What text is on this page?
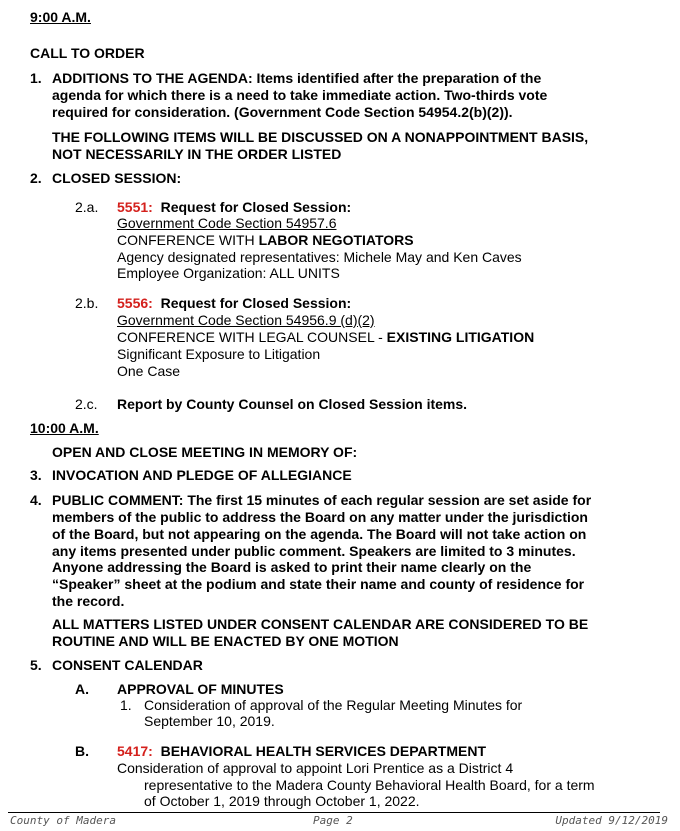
9:00 A.M.
CALL TO ORDER
1. ADDITIONS TO THE AGENDA: Items identified after the preparation of the
agenda for which there is a need to take immediate action. Two-thirds vote
required for consideration. (Government Code Section 54954.2(b)(2)).
THE FOLLOWING ITEMS WILL BE DISCUSSED ON A NONAPPOINTMENT BASIS,
NOT NECESSARILY IN THE ORDER LISTED
2. CLOSED SESSION:
2.a. 5551: Request for Closed Session:
Government Code Section 54957.6
CONFERENCE WITH LABOR NEGOTIATORS
Agency designated representatives: Michele May and Ken Caves
Employee Organization: ALL UNITS
2.b. 5556: Request for Closed Session:
Government Code Section 54956.9 (d)(2)
CONFERENCE WITH LEGAL COUNSEL - EXISTING LITIGATION
Significant Exposure to Litigation
One Case
2.c. Report by County Counsel on Closed Session items.
10:00 A.M.
OPEN AND CLOSE MEETING IN MEMORY OF:
3. INVOCATION AND PLEDGE OF ALLEGIANCE
4. PUBLIC COMMENT: The first 15 minutes of each regular session are set aside for
members of the public to address the Board on any matter under the jurisdiction
of the Board, but not appearing on the agenda. The Board will not take action on
any items presented under public comment. Speakers are limited to 3 minutes.
Anyone addressing the Board is asked to print their name clearly on the
“Speaker” sheet at the podium and state their name and county of residence for
the record.
ALL MATTERS LISTED UNDER CONSENT CALENDAR ARE CONSIDERED TO BE
ROUTINE AND WILL BE ENACTED BY ONE MOTION
5. CONSENT CALENDAR
A. APPROVAL OF MINUTES
1. Consideration of approval of the Regular Meeting Minutes for
September 10, 2019.
B. 5417: BEHAVIORAL HEALTH SERVICES DEPARTMENT
Consideration of approval to appoint Lori Prentice as a District 4
representative to the Madera County Behavioral Health Board, for a term
of October 1, 2019 through October 1, 2022.
County of Madera	Page 2	Updated 9/12/2019
